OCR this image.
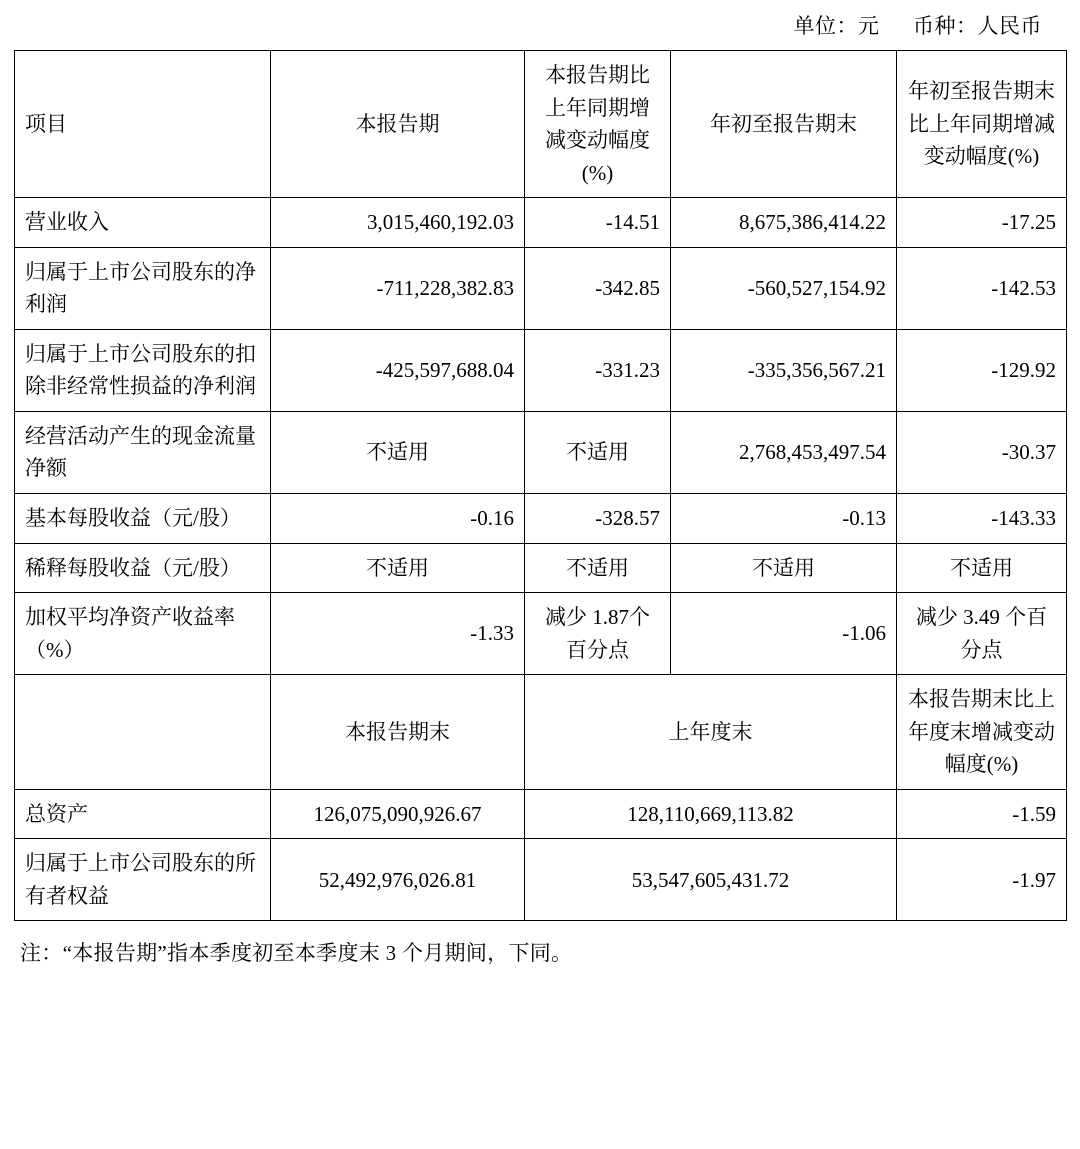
单位：元 币种：人民币
项目	本报告期	本报告期比上年同期增减变动幅度(%)	年初至报告期末	年初至报告期末比上年同期增减变动幅度(%)
营业收入	3,015,460,192.03	-14.51	8,675,386,414.22	-17.25
归属于上市公司股东的净利润	-711,228,382.83	-342.85	-560,527,154.92	-142.53
归属于上市公司股东的扣除非经常性损益的净利润	-425,597,688.04	-331.23	-335,356,567.21	-129.92
经营活动产生的现金流量净额	不适用	不适用	2,768,453,497.54	-30.37
基本每股收益（元/股）	-0.16	-328.57	-0.13	-143.33
稀释每股收益（元/股）	不适用	不适用	不适用	不适用
加权平均净资产收益率（%）	-1.33	减少 1.87个百分点	-1.06	减少 3.49 个百分点
	本报告期末	上年度末		本报告期末比上年度末增减变动幅度(%)
总资产	126,075,090,926.67	128,110,669,113.82		-1.59
归属于上市公司股东的所有者权益	52,492,976,026.81	53,547,605,431.72		-1.97
注：“本报告期”指本季度初至本季度末 3 个月期间，下同。
